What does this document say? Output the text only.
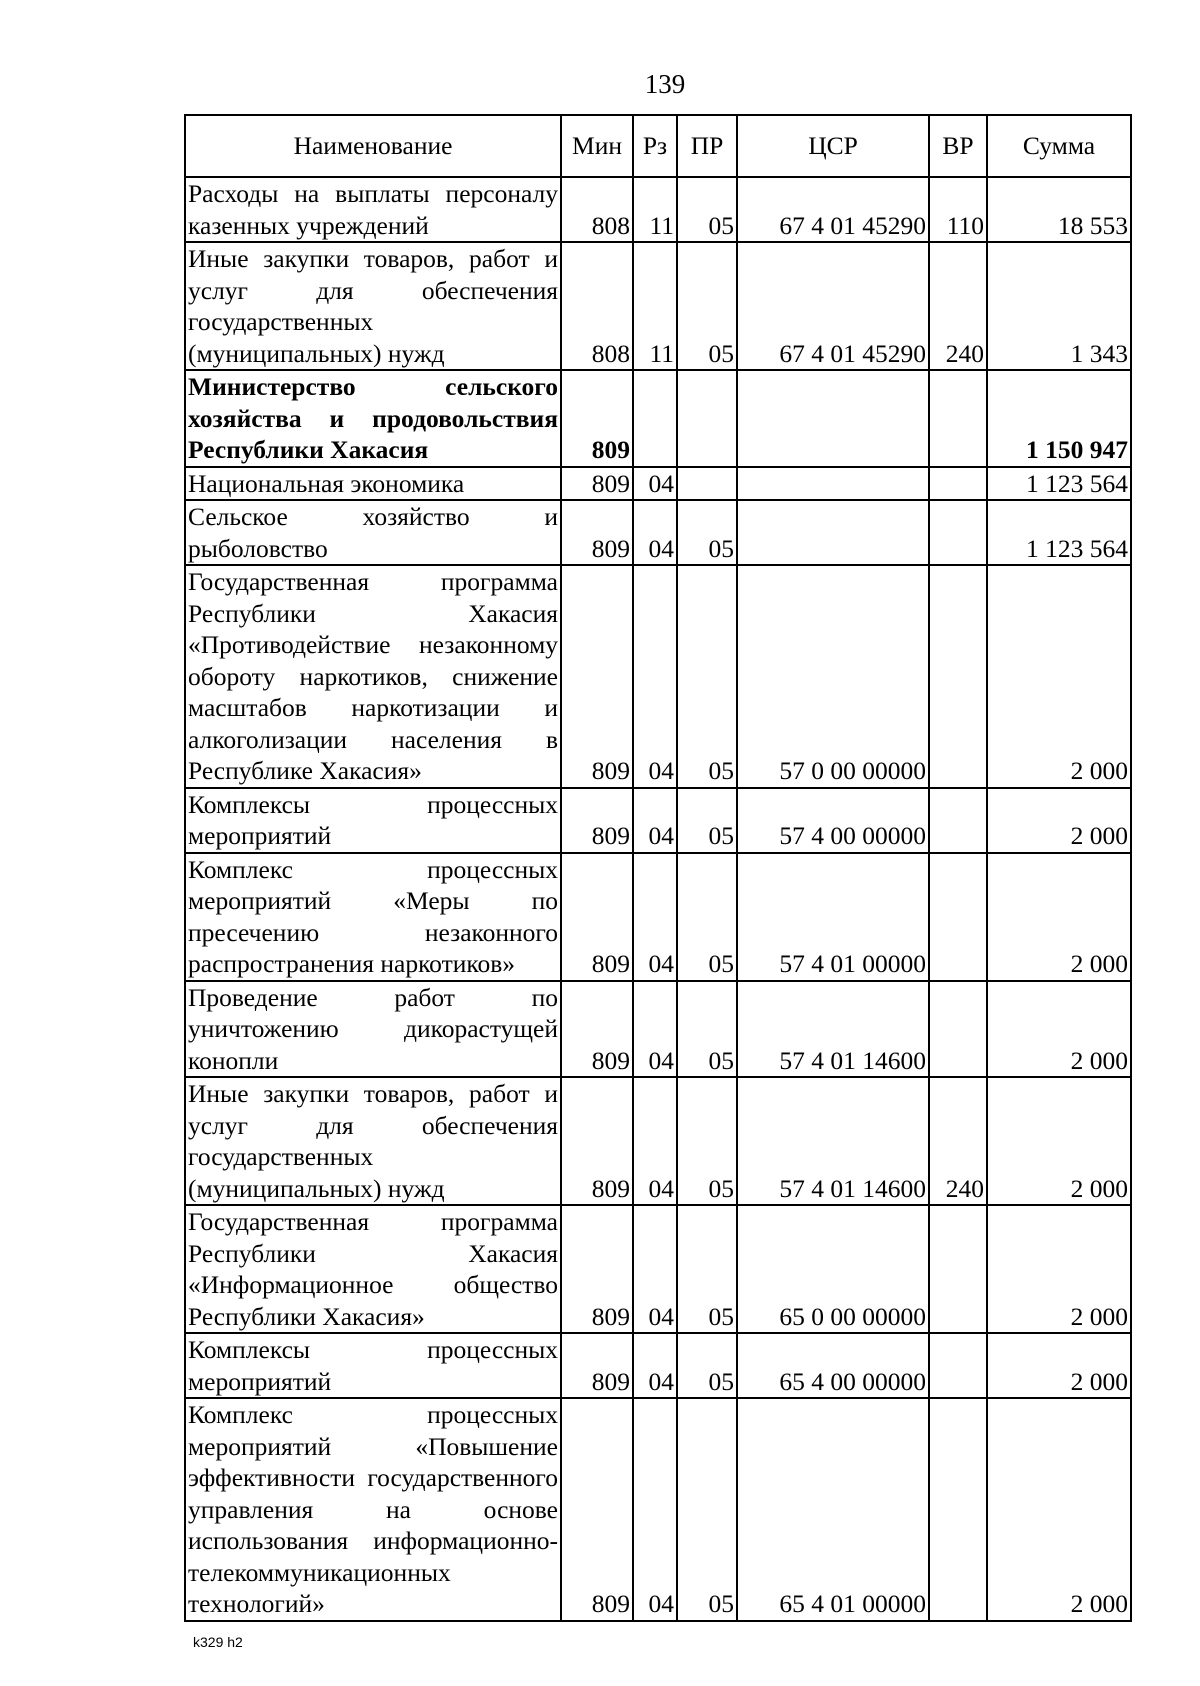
139
Наименование	Мин	Рз	ПР	ЦСР	ВР	Сумма
Расходы на выплаты персоналу казенных учреждений	808	11	05	67 4 01 45290	110	18 553
Иные закупки товаров, работ и услуг для обеспечения государственных (муниципальных) нужд	808	11	05	67 4 01 45290	240	1 343
Министерство сельского хозяйства и продовольствия Республики Хакасия	809					1 150 947
Национальная экономика	809	04				1 123 564
Сельское хозяйство и рыболовство	809	04	05			1 123 564
Государственная программа Республики Хакасия «Противодействие незаконному обороту наркотиков, снижение масштабов наркотизации и алкоголизации населения в Республике Хакасия»	809	04	05	57 0 00 00000		2 000
Комплексы процессных мероприятий	809	04	05	57 4 00 00000		2 000
Комплекс процессных мероприятий «Меры по пресечению незаконного распространения наркотиков»	809	04	05	57 4 01 00000		2 000
Проведение работ по уничтожению дикорастущей конопли	809	04	05	57 4 01 14600		2 000
Иные закупки товаров, работ и услуг для обеспечения государственных (муниципальных) нужд	809	04	05	57 4 01 14600	240	2 000
Государственная программа Республики Хакасия «Информационное общество Республики Хакасия»	809	04	05	65 0 00 00000		2 000
Комплексы процессных мероприятий	809	04	05	65 4 00 00000		2 000
Комплекс процессных мероприятий «Повышение эффективности государственного управления на основе использования информационно-телекоммуникационных технологий»	809	04	05	65 4 01 00000		2 000
k329 h2
